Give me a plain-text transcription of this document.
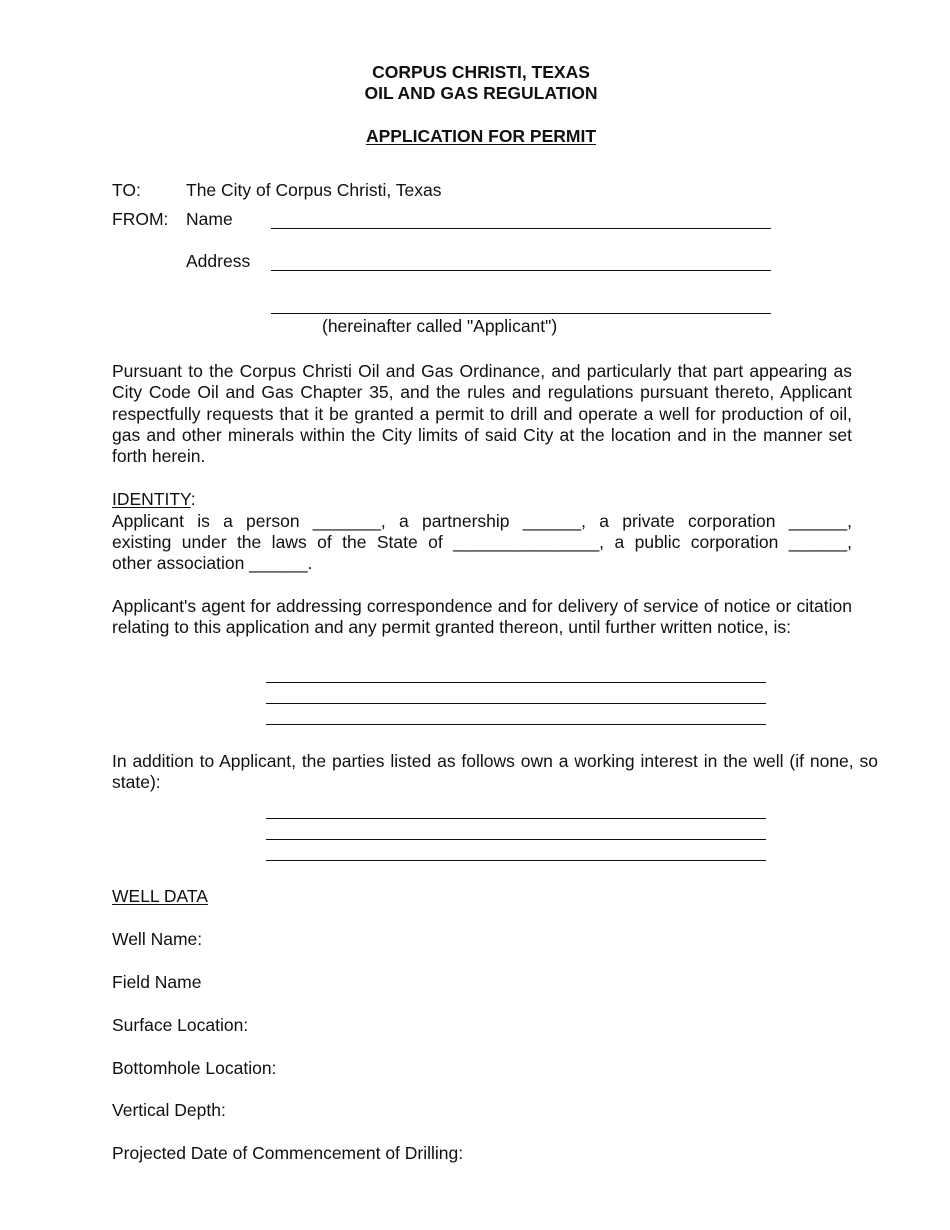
CORPUS CHRISTI, TEXAS
OIL AND GAS REGULATION
APPLICATION FOR PERMIT
TO:	The City of Corpus Christi, Texas
FROM: Name
Address
(hereinafter called "Applicant")
Pursuant to the Corpus Christi Oil and Gas Ordinance, and particularly that part appearing as City Code Oil and Gas Chapter 35, and the rules and regulations pursuant thereto, Applicant respectfully requests that it be granted a permit to drill and operate a well for production of oil, gas and other minerals within the City limits of said City at the location and in the manner set forth herein.
IDENTITY:
Applicant is a person _______, a partnership ______, a private corporation ______,
existing under the laws of the State of _______________, a public corporation ______,
other association ______.
Applicant's agent for addressing correspondence and for delivery of service of notice or citation relating to this application and any permit granted thereon, until further written notice, is:
In addition to Applicant, the parties listed as follows own a working interest in the well (if none, so state):
WELL DATA
Well Name:
Field Name
Surface Location:
Bottomhole Location:
Vertical Depth:
Projected Date of Commencement of Drilling:
